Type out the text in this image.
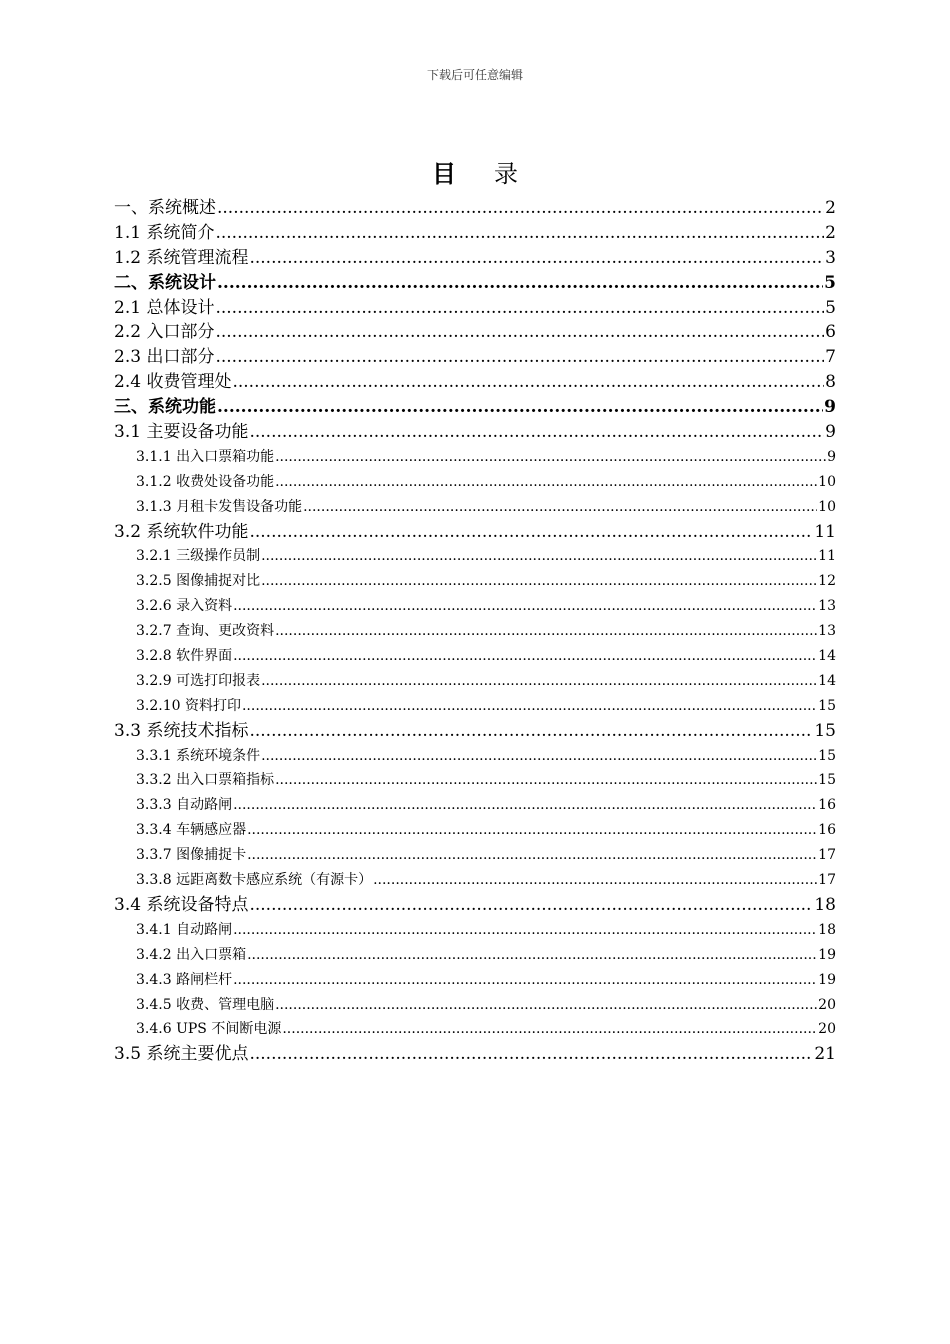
下载后可任意编辑
目 录
一、系统概述 .....	2
1.1 系统简介 .....	2
1.2 系统管理流程 .....	3
二、系统设计 .....	5
2.1 总体设计 .....	5
2.2 入口部分 .....	6
2.3 出口部分 .....	7
2.4 收费管理处 .....	8
三、系统功能 .....	9
3.1 主要设备功能 .....	9
3.1.1 出入口票箱功能 .....	9
3.1.2 收费处设备功能 .....	10
3.1.3 月租卡发售设备功能 .....	10
3.2 系统软件功能 .....	11
3.2.1 三级操作员制 .....	11
3.2.5 图像捕捉对比 .....	12
3.2.6 录入资料 .....	13
3.2.7 查询、更改资料 .....	13
3.2.8 软件界面 .....	14
3.2.9 可选打印报表 .....	14
3.2.10 资料打印 .....	15
3.3 系统技术指标 .....	15
3.3.1 系统环境条件 .....	15
3.3.2 出入口票箱指标 .....	15
3.3.3 自动路闸 .....	16
3.3.4 车辆感应器 .....	16
3.3.7 图像捕捉卡 .....	17
3.3.8 远距离数卡感应系统（有源卡） .....	17
3.4 系统设备特点 .....	18
3.4.1 自动路闸 .....	18
3.4.2 出入口票箱 .....	19
3.4.3 路闸栏杆 .....	19
3.4.5 收费、管理电脑 .....	20
3.4.6 UPS 不间断电源 .....	20
3.5 系统主要优点 .....	21
